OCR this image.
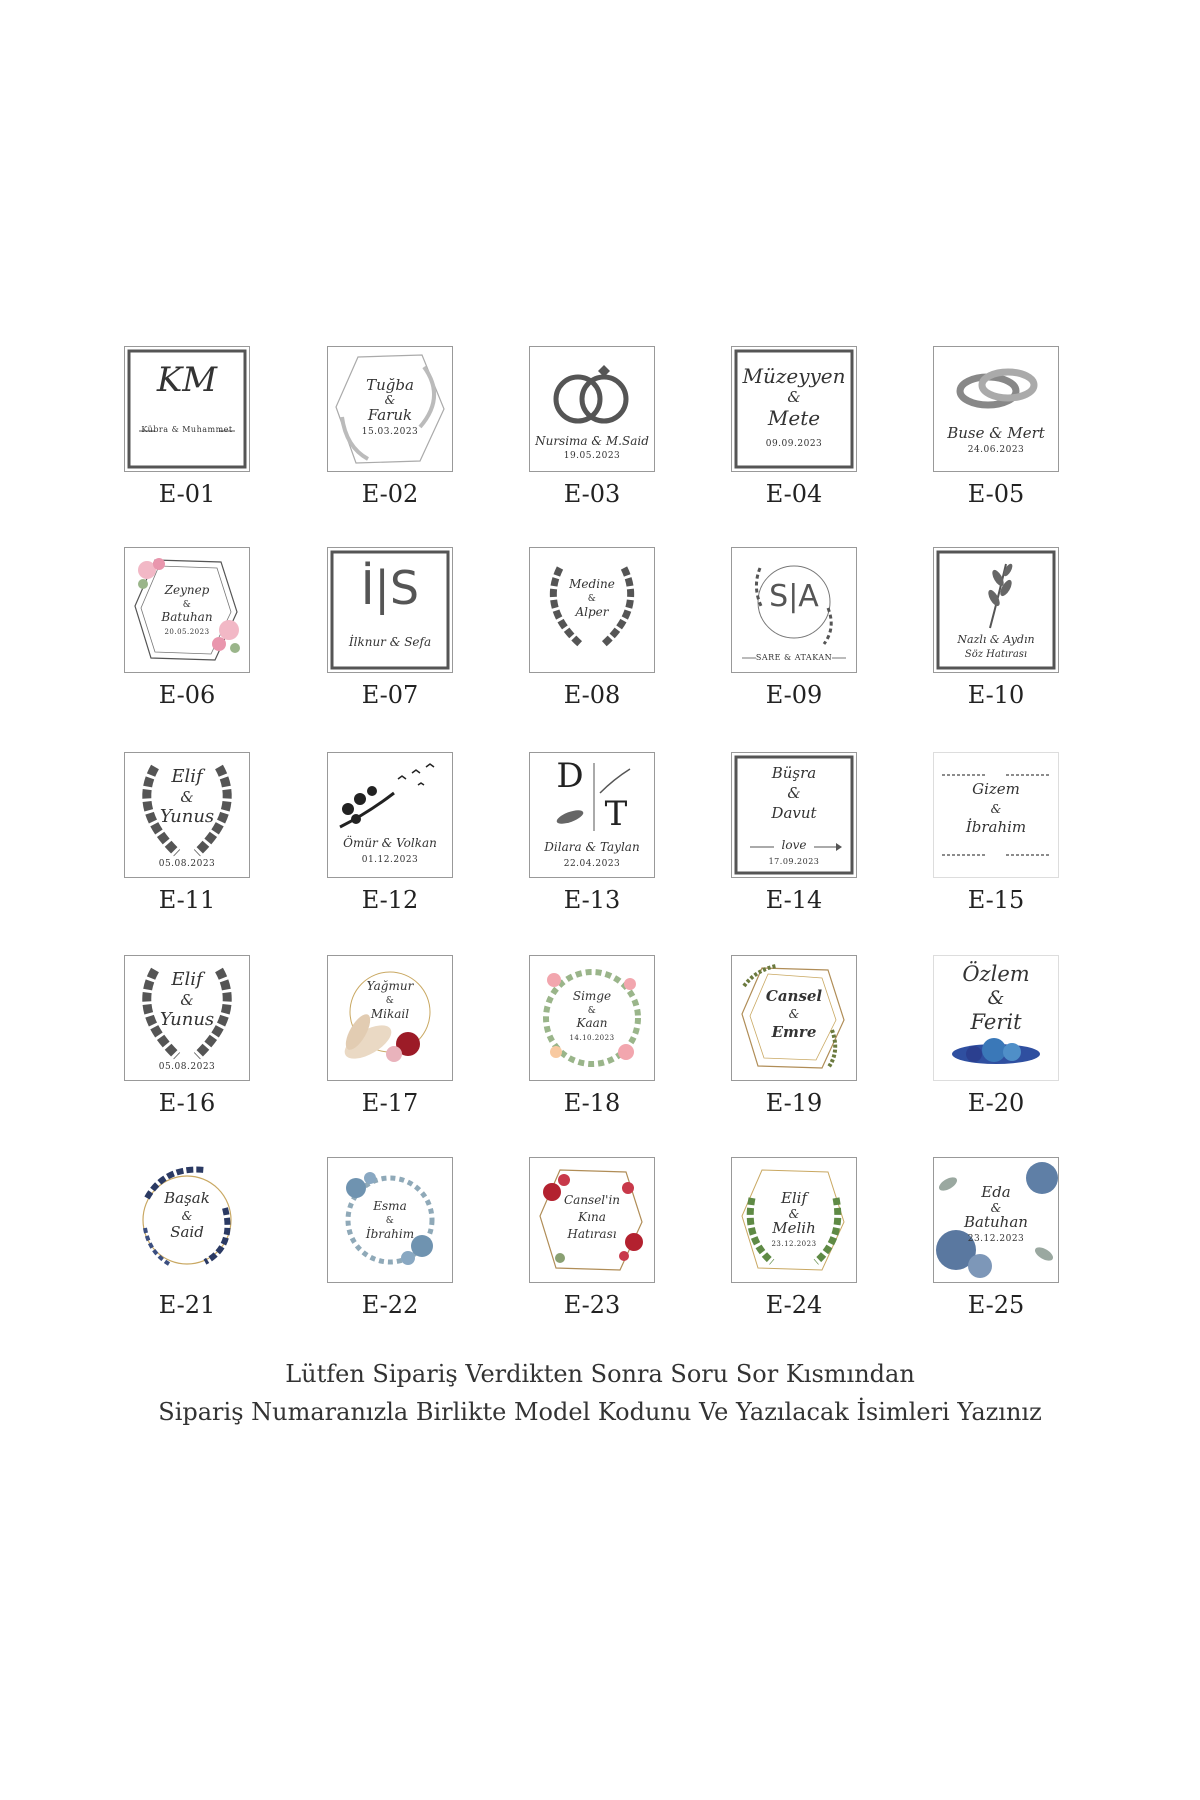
KM
Kübra & Muhammet
E-01
Tuğba
&
Faruk
15.03.2023
E-02
Nursima & M.Said
19.05.2023
E-03
Müzeyyen
&
Mete
09.09.2023
E-04
Buse & Mert
24.06.2023
E-05
Zeynep
&
Batuhan
20.05.2023
E-06
İ|S
İlknur & Sefa
E-07
Medine
&
Alper
E-08
S|A
SARE & ATAKAN
E-09
Nazlı & Aydın
Söz Hatırası
E-10
Elif
&
Yunus
05.08.2023
E-11
Ömür & Volkan
01.12.2023
E-12
D
T
Dilara & Taylan
22.04.2023
E-13
Büşra
&
Davut
love
17.09.2023
E-14
Gizem
&
İbrahim
E-15
Elif
&
Yunus
05.08.2023
E-16
Yağmur
&
Mikail
E-17
Simge
&
Kaan
14.10.2023
E-18
Cansel
&
Emre
E-19
Özlem
&
Ferit
E-20
Başak
&
Said
E-21
Esma
&
İbrahim
E-22
Cansel'in
Kına
Hatırası
E-23
Elif
&
Melih
23.12.2023
E-24
Eda
&
Batuhan
23.12.2023
E-25
Lütfen Sipariş Verdikten Sonra Soru Sor Kısmından
Sipariş Numaranızla Birlikte Model Kodunu Ve Yazılacak İsimleri Yazınız
